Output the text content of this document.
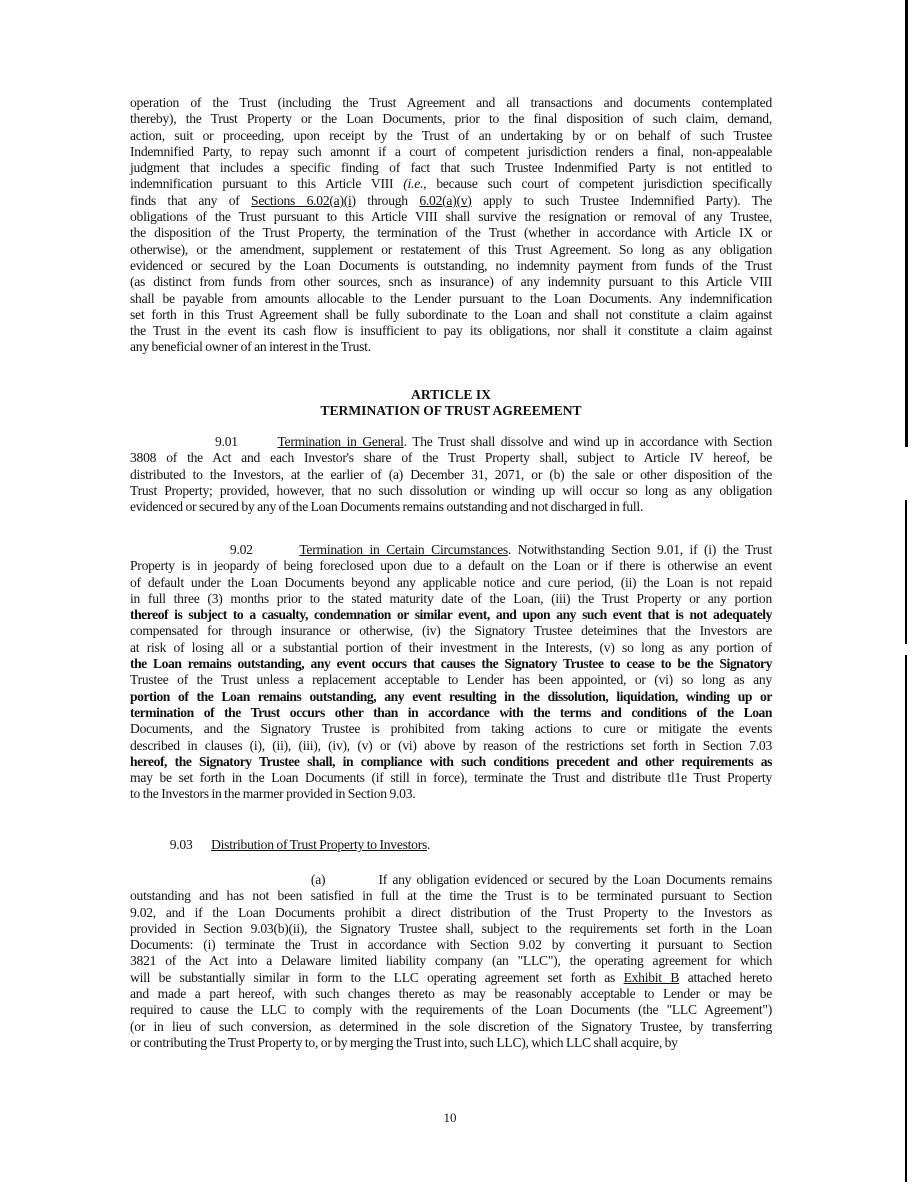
ARTICLE IX
TERMINATION OF TRUST AGREEMENT
operation of the Trust (including the Trust Agreement and all transactions and documents contemplated
thereby), the Trust Property or the Loan Documents, prior to the final disposition of such claim, demand,
action, suit or proceeding, upon receipt by the Trust of an undertaking by or on behalf of such Trustee
Indemnified Party, to repay such amonnt if a court of competent jurisdiction renders a final, non-appealable
judgment that includes a specific finding of fact that such Trustee Indenmified Party is not entitled to
indemnification pursuant to this Article VIII (i.e., because such court of competent jurisdiction specifically
finds that any of Sections 6.02(a)(i) through 6.02(a)(v) apply to such Trustee Indemnified Party). The
obligations of the Trust pursuant to this Article VIII shall survive the resignation or removal of any Trustee,
the disposition of the Trust Property, the termination of the Trust (whether in accordance with Article IX or
otherwise), or the amendment, supplement or restatement of this Trust Agreement. So long as any obligation
evidenced or secured by the Loan Documents is outstanding, no indemnity payment from funds of the Trust
(as distinct from funds from other sources, snch as insurance) of any indemnity pursuant to this Article VIII
shall be payable from amounts allocable to the Lender pursuant to the Loan Documents. Any indemnification
set forth in this Trust Agreement shall be fully subordinate to the Loan and shall not constitute a claim against
the Trust in the event its cash flow is insufficient to pay its obligations, nor shall it constitute a claim against
any beneficial owner of an interest in the Trust.
9.01       Termination in General. The Trust shall dissolve and wind up in accordance with Section
3808 of the Act and each Investor's share of the Trust Property shall, subject to Article IV hereof, be
distributed to the Investors, at the earlier of (a) December 31, 2071, or (b) the sale or other disposition of the
Trust Property; provided, however, that no such dissolution or winding up will occur so long as any obligation
evidenced or secured by any of the Loan Documents remains outstanding and not discharged in full.
9.02       Termination in Certain Circumstances. Notwithstanding Section 9.01, if (i) the Trust
Property is in jeopardy of being foreclosed upon due to a default on the Loan or if there is otherwise an event
of default under the Loan Documents beyond any applicable notice and cure period, (ii) the Loan is not repaid
in full three (3) months prior to the stated maturity date of the Loan, (iii) the Trust Property or any portion
thereof is subject to a casualty, condemnation or similar event, and upon any such event that is not adequately
compensated for through insurance or otherwise, (iv) the Signatory Trustee deteimines that the Investors are
at risk of losing all or a substantial portion of their investment in the Interests, (v) so long as any portion of
the Loan remains outstanding, any event occurs that causes the Signatory Trustee to cease to be the Signatory
Trustee of the Trust unless a replacement acceptable to Lender has been appointed, or (vi) so long as any
portion of the Loan remains outstanding, any event resulting in the dissolution, liquidation, winding up or
termination of the Trust occurs other than in accordance with the terms and conditions of the Loan
Documents, and the Signatory Trustee is prohibited from taking actions to cure or mitigate the events
described in clauses (i), (ii), (iii), (iv), (v) or (vi) above by reason of the restrictions set forth in Section 7.03
hereof, the Signatory Trustee shall, in compliance with such conditions precedent and other requirements as
may be set forth in the Loan Documents (if still in force), terminate the Trust and distribute tl1e Trust Property
to the Investors in the marmer provided in Section 9.03.
9.03       Distribution of Trust Property to Investors.
(a)          If any obligation evidenced or secured by the Loan Documents remains
outstanding and has not been satisfied in full at the time the Trust is to be terminated pursuant to Section
9.02, and if the Loan Documents prohibit a direct distribution of the Trust Property to the Investors as
provided in Section 9.03(b)(ii), the Signatory Trustee shall, subject to the requirements set forth in the Loan
Documents: (i) terminate the Trust in accordance with Section 9.02 by converting it pursuant to Section
3821 of the Act into a Delaware limited liability company (an "LLC"), the operating agreement for which
will be substantially similar in form to the LLC operating agreement set forth as Exhibit B attached hereto
and made a part hereof, with such changes thereto as may be reasonably acceptable to Lender or may be
required to cause the LLC to comply with the requirements of the Loan Documents (the "LLC Agreement")
(or in lieu of such conversion, as determined in the sole discretion of the Signatory Trustee, by transferring
or contributing the Trust Property to, or by merging the Trust into, such LLC), which LLC shall acquire, by
10
